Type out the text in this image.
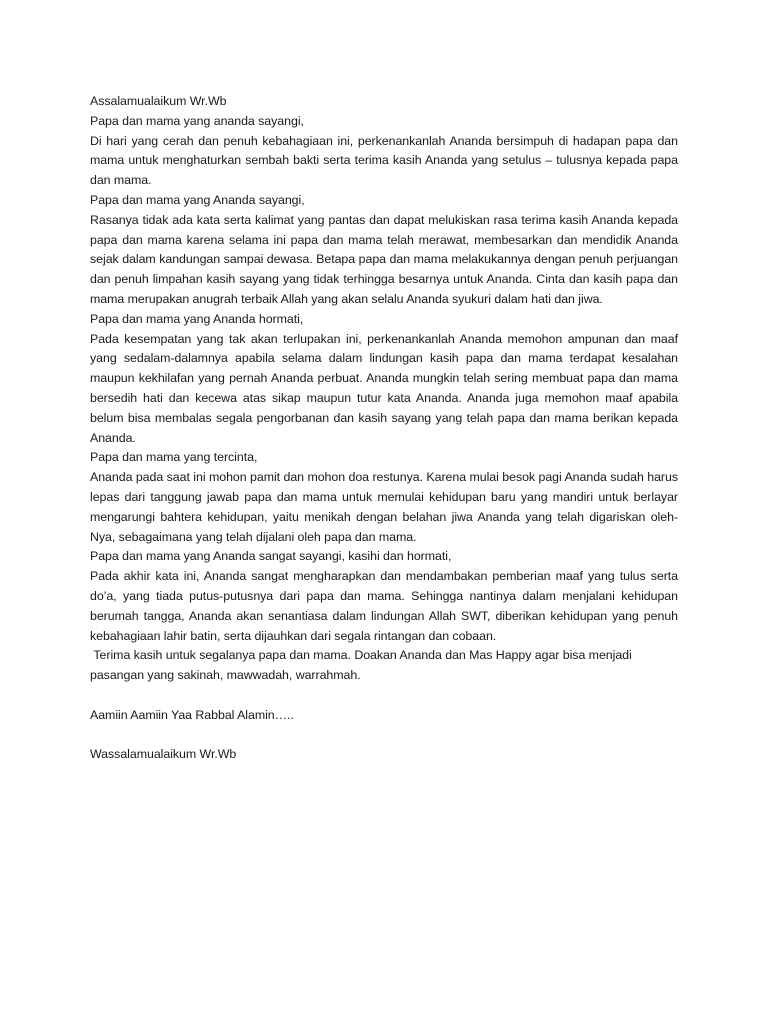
Assalamualaikum Wr.Wb

Papa dan mama yang ananda sayangi,

Di hari yang cerah dan penuh kebahagiaan ini, perkenankanlah Ananda bersimpuh di hadapan papa dan mama untuk menghaturkan sembah bakti serta terima kasih Ananda yang setulus – tulusnya kepada papa dan mama.

Papa dan mama yang Ananda sayangi,

Rasanya tidak ada kata serta kalimat yang pantas dan dapat melukiskan rasa terima kasih Ananda kepada papa dan mama karena selama ini papa dan mama telah merawat, membesarkan dan mendidik Ananda sejak dalam kandungan sampai dewasa. Betapa papa dan mama melakukannya dengan penuh perjuangan dan penuh limpahan kasih sayang yang tidak terhingga besarnya untuk Ananda. Cinta dan kasih papa dan mama merupakan anugrah terbaik Allah yang akan selalu Ananda syukuri dalam hati dan jiwa.

Papa dan mama yang Ananda hormati,

Pada kesempatan yang tak akan terlupakan ini, perkenankanlah Ananda memohon ampunan dan maaf yang sedalam-dalamnya apabila selama dalam lindungan kasih papa dan mama terdapat kesalahan maupun kekhilafan yang pernah Ananda perbuat. Ananda mungkin telah sering membuat papa dan mama bersedih hati dan kecewa atas sikap maupun tutur kata Ananda. Ananda juga memohon maaf apabila belum bisa membalas segala pengorbanan dan kasih sayang yang telah papa dan mama berikan kepada Ananda.

Papa dan mama yang tercinta,

Ananda pada saat ini mohon pamit dan mohon doa restunya. Karena mulai besok pagi Ananda sudah harus lepas dari tanggung jawab papa dan mama untuk memulai kehidupan baru yang mandiri untuk berlayar mengarungi bahtera kehidupan, yaitu menikah dengan belahan jiwa Ananda yang telah digariskan oleh-Nya, sebagaimana yang telah dijalani oleh papa dan mama.

Papa dan mama yang Ananda sangat sayangi, kasihi dan hormati,

Pada akhir kata ini, Ananda sangat mengharapkan dan mendambakan pemberian maaf yang tulus serta do’a, yang tiada putus-putusnya dari papa dan mama. Sehingga nantinya dalam menjalani kehidupan berumah tangga, Ananda akan senantiasa dalam lindungan Allah SWT, diberikan kehidupan yang penuh kebahagiaan lahir batin, serta dijauhkan dari segala rintangan dan cobaan.

Terima kasih untuk segalanya papa dan mama. Doakan Ananda dan Mas Happy agar bisa menjadi pasangan yang sakinah, mawwadah, warrahmah.

Aamiin Aamiin Yaa Rabbal Alamin…..

Wassalamualaikum Wr.Wb
